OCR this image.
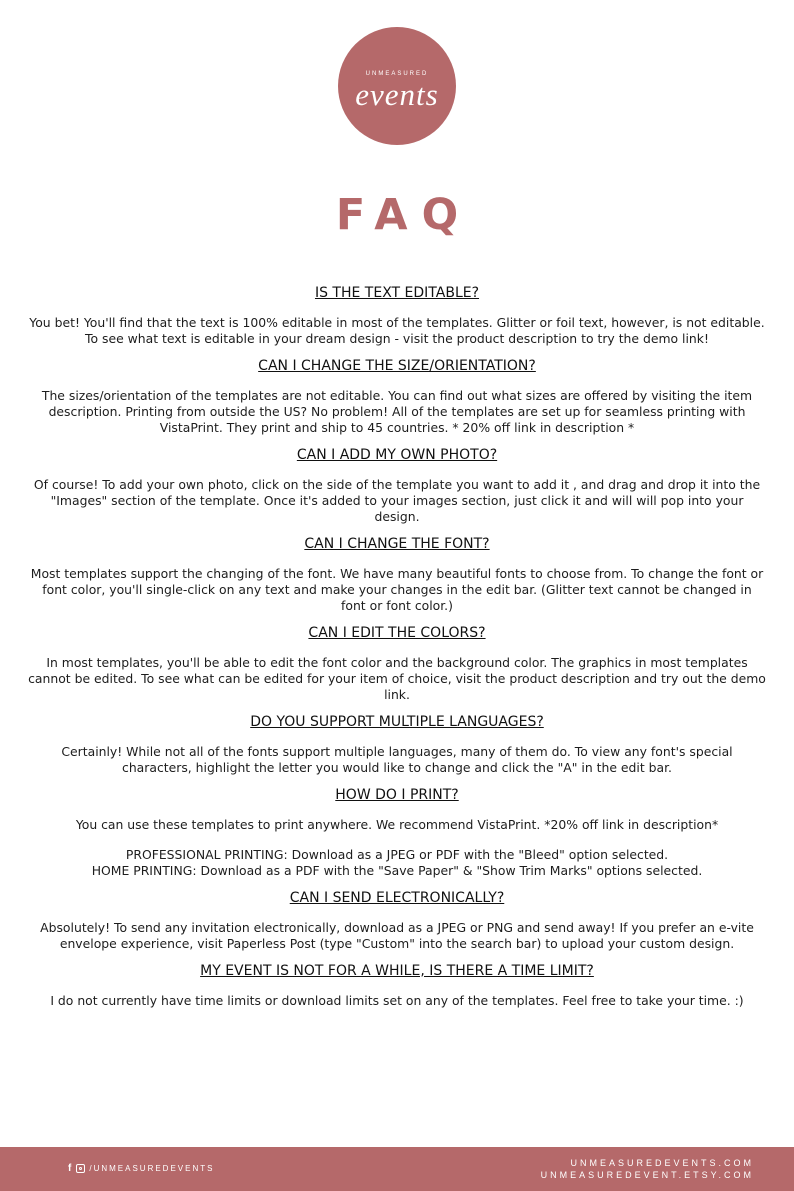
UNMEASURED
events
FAQ

IS THE TEXT EDITABLE?

You bet! You'll find that the text is 100% editable in most of the templates. Glitter or foil text, however, is not editable. To see what text is editable in your dream design - visit the product description to try the demo link!

CAN I CHANGE THE SIZE/ORIENTATION?

The sizes/orientation of the templates are not editable. You can find out what sizes are offered by visiting the item description. Printing from outside the US? No problem! All of the templates are set up for seamless printing with VistaPrint. They print and ship to 45 countries. * 20% off link in description *

CAN I ADD MY OWN PHOTO?

Of course! To add your own photo, click on the side of the template you want to add it , and drag and drop it into the "Images" section of the template. Once it's added to your images section, just click it and will will pop into your design.

CAN I CHANGE THE FONT?

Most templates support the changing of the font. We have many beautiful fonts to choose from. To change the font or font color, you'll single-click on any text and make your changes in the edit bar. (Glitter text cannot be changed in font or font color.)

CAN I EDIT THE COLORS?

In most templates, you'll be able to edit the font color and the background color. The graphics in most templates cannot be edited. To see what can be edited for your item of choice, visit the product description and try out the demo link.

DO YOU SUPPORT MULTIPLE LANGUAGES?

Certainly! While not all of the fonts support multiple languages, many of them do. To view any font's special characters, highlight the letter you would like to change and click the "A" in the edit bar.

HOW DO I PRINT?

You can use these templates to print anywhere. We recommend VistaPrint. *20% off link in description*

PROFESSIONAL PRINTING: Download as a JPEG or PDF with the "Bleed" option selected.

HOME PRINTING: Download as a PDF with the "Save Paper" & "Show Trim Marks" options selected.

CAN I SEND ELECTRONICALLY?

Absolutely! To send any invitation electronically, download as a JPEG or PNG and send away! If you prefer an e-vite envelope experience, visit Paperless Post (type "Custom" into the search bar) to upload your custom design.

MY EVENT IS NOT FOR A WHILE, IS THERE A TIME LIMIT?

I do not currently have time limits or download limits set on any of the templates. Feel free to take your time. :)

f /UNMEASUREDEVENTS
UNMEASUREDEVENTS.COM
UNMEASUREDEVENT.ETSY.COM
